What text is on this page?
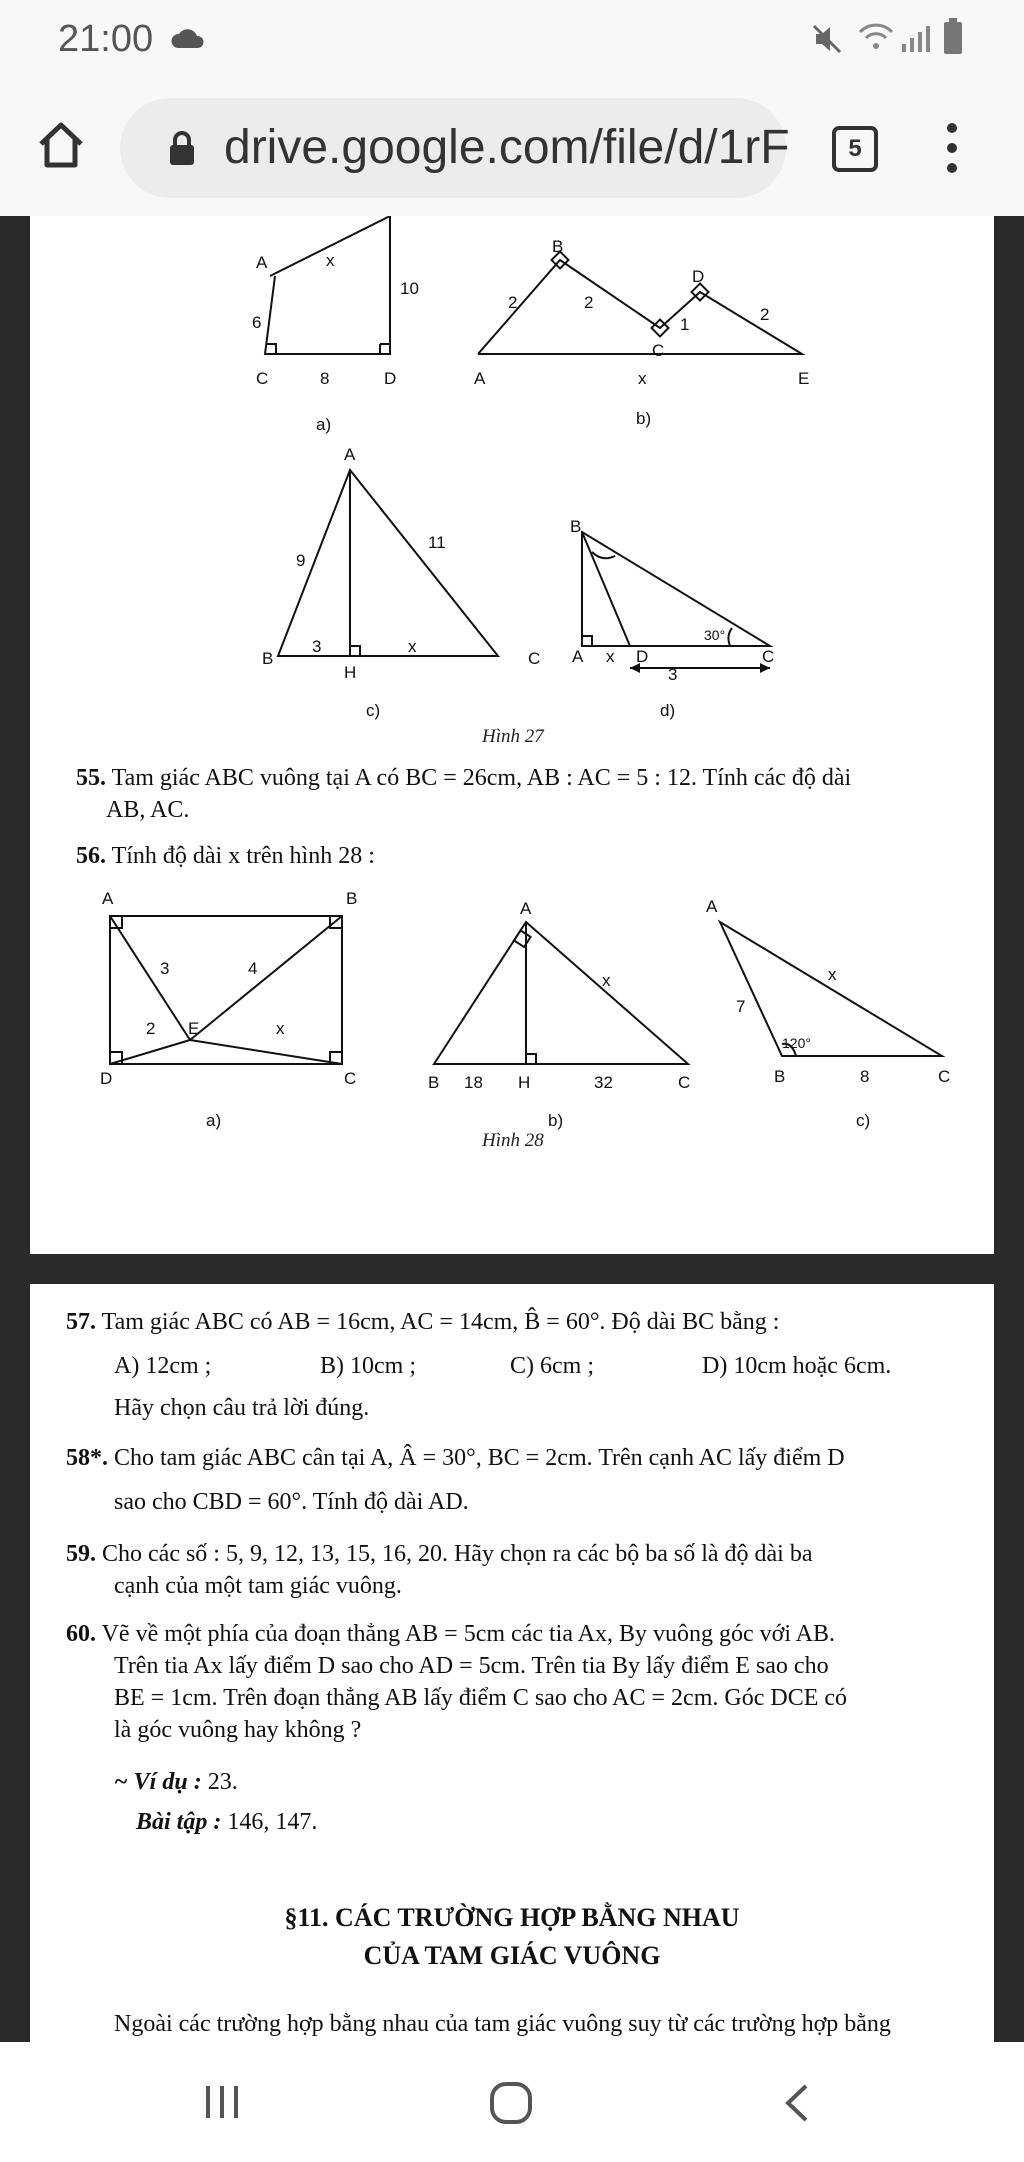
21:00
drive.google.com/file/d/1rF	5
A	x
6
10
C	8	D
a)
B
2	2
D
1
2
C
A	x	E
b)
A
9
11
B
3	x
H
C
c)
B
30°
A x D	C
3
d)
Hình 27
55. Tam giác ABC vuông tại A có BC = 26cm, AB : AC = 5 : 12. Tính các độ dài
AB, AC.
56. Tính độ dài x trên hình 28 :
A	B
3	4
2 E	x
D	C
a)
A
x
B 18 H	32	C
b)
A
x
7
120°
B	8	C
c)
Hình 28
57. Tam giác ABC có AB = 16cm, AC = 14cm, B̂ = 60°. Độ dài BC bằng :
A) 12cm ;	B) 10cm ;	C) 6cm ;	D) 10cm hoặc 6cm.
Hãy chọn câu trả lời đúng.
58*. Cho tam giác ABC cân tại A, Â = 30°, BC = 2cm. Trên cạnh AC lấy điểm D
sao cho CBD = 60°. Tính độ dài AD.
59. Cho các số : 5, 9, 12, 13, 15, 16, 20. Hãy chọn ra các bộ ba số là độ dài ba
cạnh của một tam giác vuông.
60. Vẽ về một phía của đoạn thẳng AB = 5cm các tia Ax, By vuông góc với AB.
Trên tia Ax lấy điểm D sao cho AD = 5cm. Trên tia By lấy điểm E sao cho
BE = 1cm. Trên đoạn thẳng AB lấy điểm C sao cho AC = 2cm. Góc DCE có
là góc vuông hay không ?
~ Ví dụ : 23.
Bài tập : 146, 147.
§11. CÁC TRƯỜNG HỢP BẰNG NHAU
CỦA TAM GIÁC VUÔNG
Ngoài các trường hợp bằng nhau của tam giác vuông suy từ các trường hợp bằng
